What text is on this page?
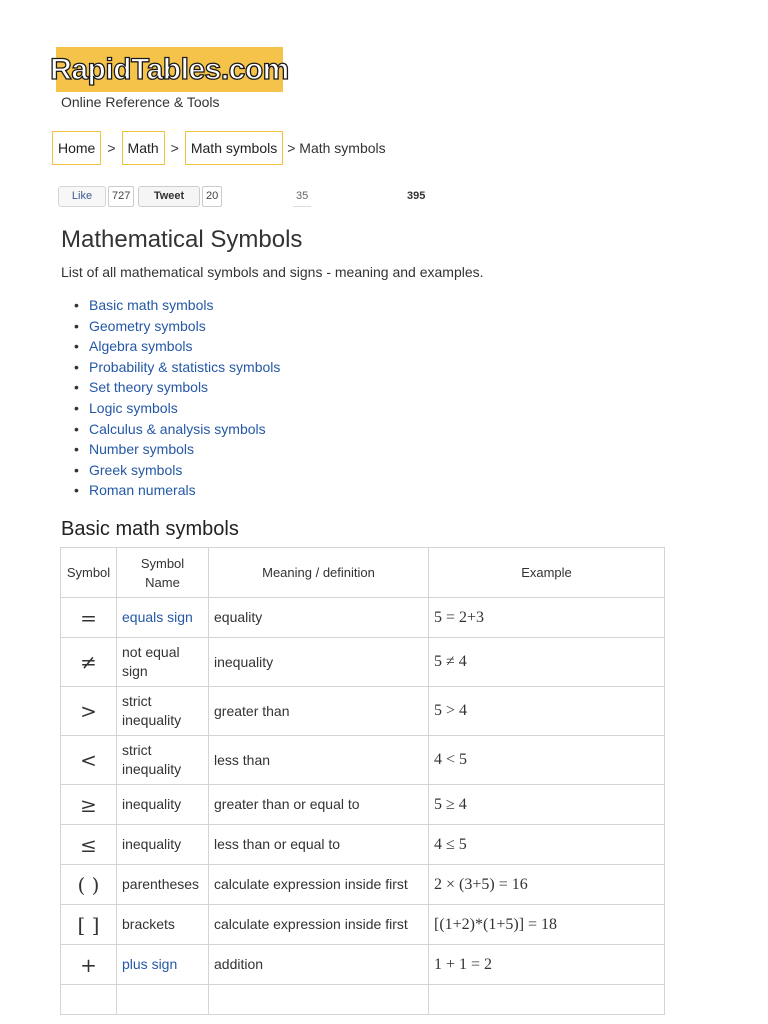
RapidTables.com
Online Reference & Tools
Home > Math > Math symbols > Math symbols
Like	727	Tweet	20	35	395
Mathematical Symbols
List of all mathematical symbols and signs - meaning and examples.
• Basic math symbols
• Geometry symbols
• Algebra symbols
• Probability & statistics symbols
• Set theory symbols
• Logic symbols
• Calculus & analysis symbols
• Number symbols
• Greek symbols
• Roman numerals
Basic math symbols
Symbol	Symbol Name	Meaning / definition	Example
=	equals sign	equality	5 = 2+3
≠	not equal sign	inequality	5 ≠ 4
>	strict inequality	greater than	5 > 4
<	strict inequality	less than	4 < 5
≥	inequality	greater than or equal to	5 ≥ 4
≤	inequality	less than or equal to	4 ≤ 5
( )	parentheses	calculate expression inside first	2 × (3+5) = 16
[ ]	brackets	calculate expression inside first	[(1+2)*(1+5)] = 18
+	plus sign	addition	1 + 1 = 2
